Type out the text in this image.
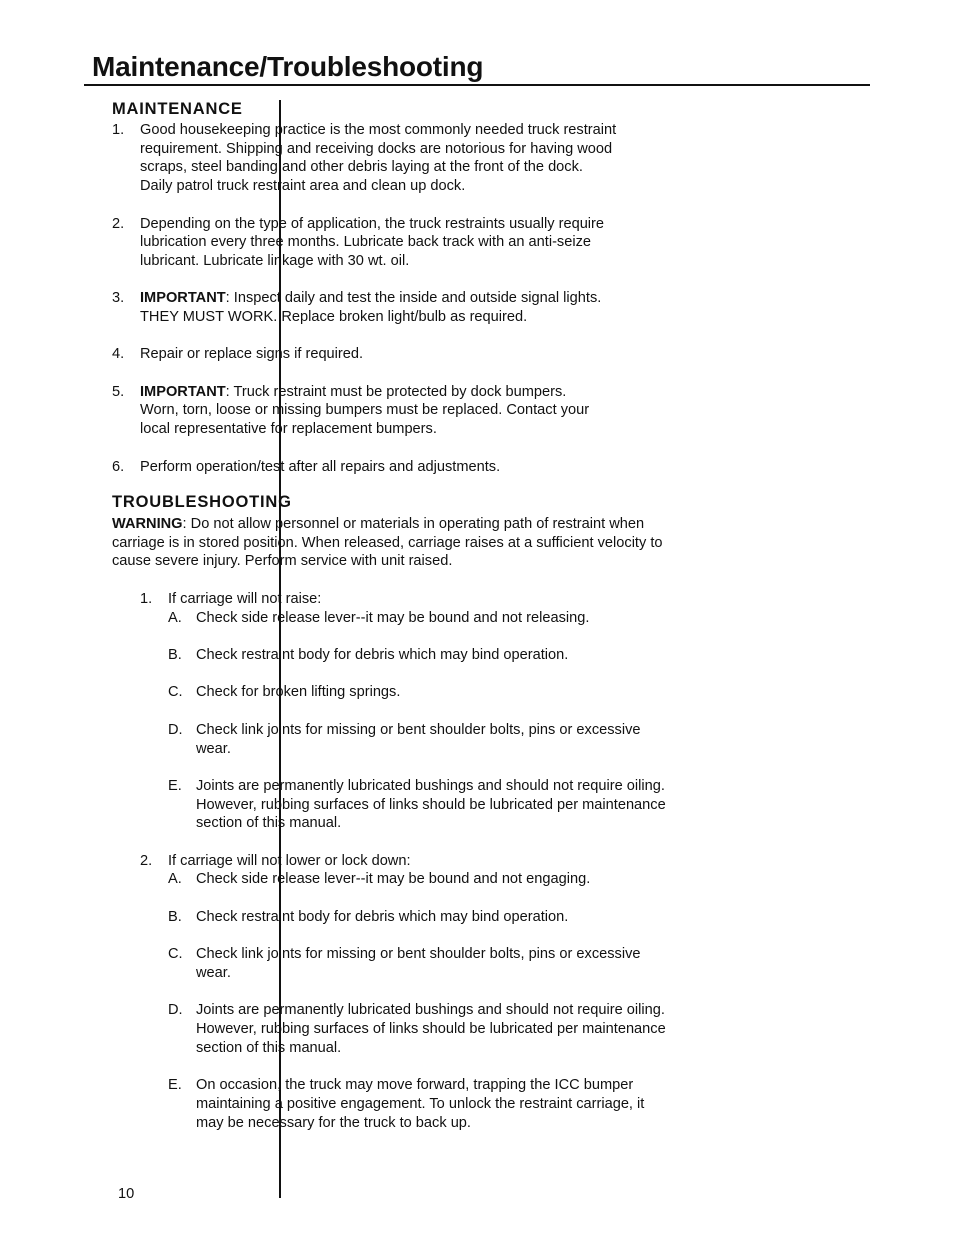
Maintenance/Troubleshooting
MAINTENANCE
1. Good housekeeping practice is the most commonly needed truck restraint
requirement. Shipping and receiving docks are notorious for having wood
scraps, steel banding and other debris laying at the front of the dock.
Daily patrol truck restraint area and clean up dock.
2. Depending on the type of application, the truck restraints usually require
lubrication every three months. Lubricate back track with an anti-seize
lubricant. Lubricate linkage with 30 wt. oil.
3. IMPORTANT: Inspect daily and test the inside and outside signal lights.
THEY MUST WORK. Replace broken light/bulb as required.
4. Repair or replace signs if required.
5. IMPORTANT: Truck restraint must be protected by dock bumpers.
Worn, torn, loose or missing bumpers must be replaced. Contact your
local representative for replacement bumpers.
6. Perform operation/test after all repairs and adjustments.
TROUBLESHOOTING
WARNING: Do not allow personnel or materials in operating path of restraint when
carriage is in stored position. When released, carriage raises at a sufficient velocity to
cause severe injury. Perform service with unit raised.
1. If carriage will not raise:
A. Check side release lever--it may be bound and not releasing.
B. Check restraint body for debris which may bind operation.
C. Check for broken lifting springs.
D. Check link joints for missing or bent shoulder bolts, pins or excessive
wear.
E. Joints are permanently lubricated bushings and should not require oiling.
However, rubbing surfaces of links should be lubricated per maintenance
section of this manual.
2. If carriage will not lower or lock down:
A. Check side release lever--it may be bound and not engaging.
B. Check restraint body for debris which may bind operation.
C. Check link joints for missing or bent shoulder bolts, pins or excessive
wear.
D. Joints are permanently lubricated bushings and should not require oiling.
However, rubbing surfaces of links should be lubricated per maintenance
section of this manual.
E. On occasion, the truck may move forward, trapping the ICC bumper
maintaining a positive engagement. To unlock the restraint carriage, it
may be necessary for the truck to back up.
10
